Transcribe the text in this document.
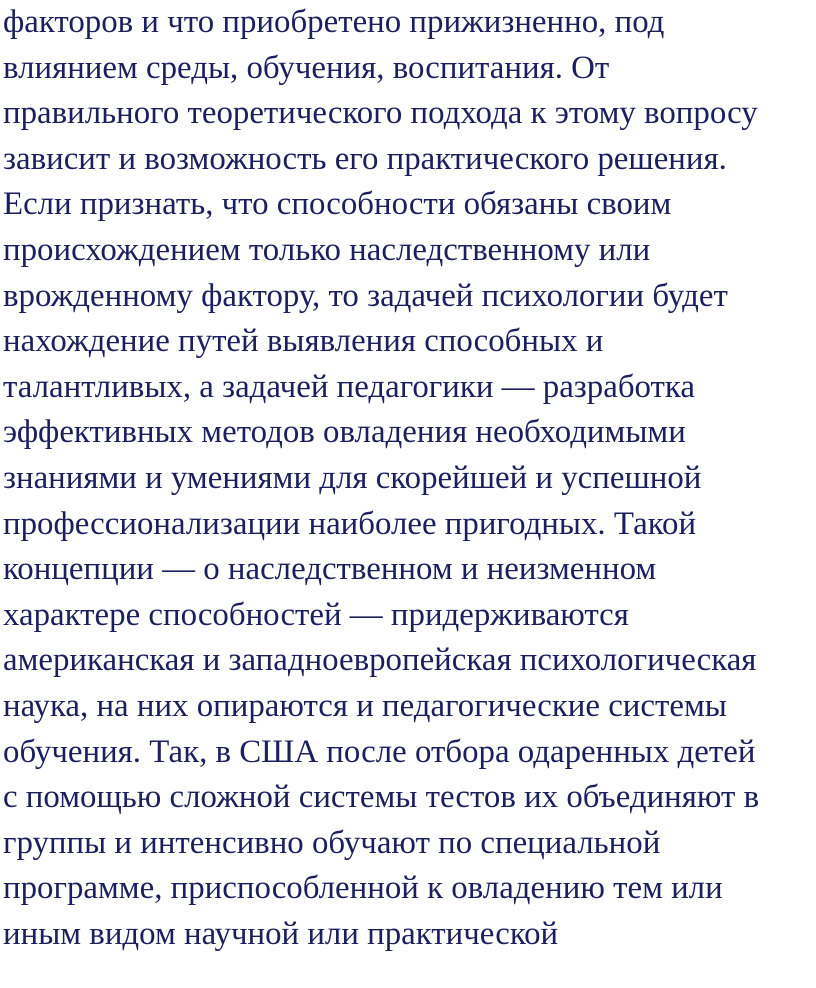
факторов и что приобретено прижизненно, под
влиянием среды, обучения, воспитания. От
правильного теоретического подхода к этому вопросу
зависит и возможность его практического решения.
Если признать, что способности обязаны своим
происхождением только наследственному или
врожденному фактору, то задачей психологии будет
нахождение путей выявления способных и
талантливых, а задачей педагогики — разработка
эффективных методов овладения необходимыми
знаниями и умениями для скорейшей и успешной
профессионализации наиболее пригодных. Такой
концепции — о наследственном и неизменном
характере способностей — придерживаются
американская и западноевропейская психологическая
наука, на них опираются и педагогические системы
обучения. Так, в США после отбора одаренных детей
с помощью сложной системы тестов их объединяют в
группы и интенсивно обучают по специальной
программе, приспособленной к овладению тем или
иным видом научной или практической
